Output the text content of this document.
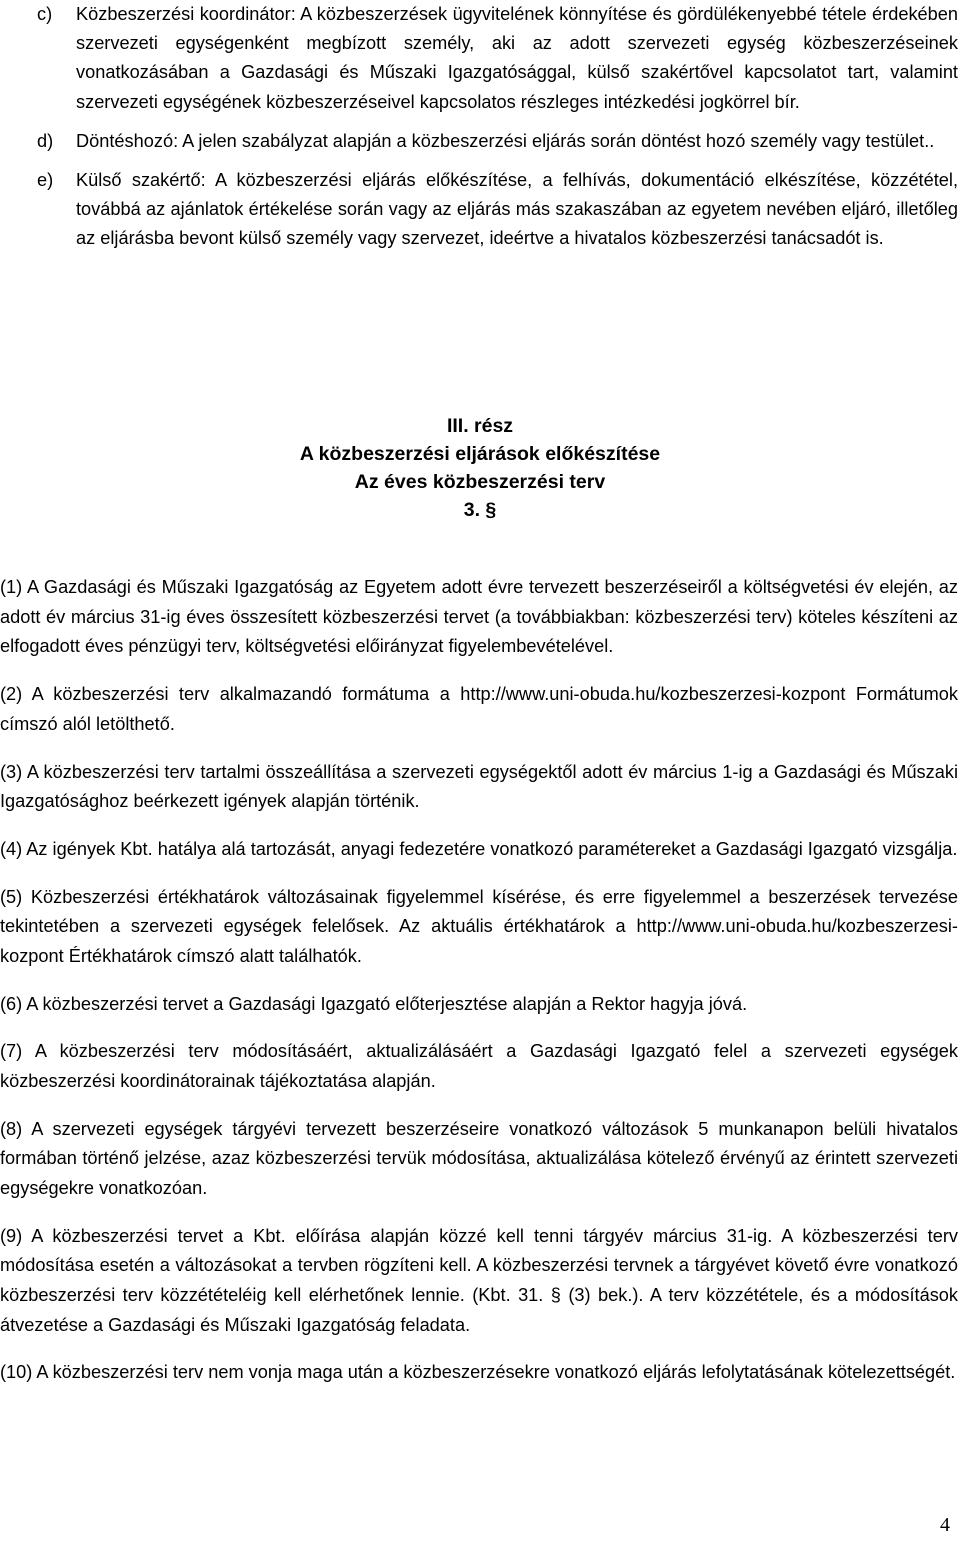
c)	Közbeszerzési koordinátor: A közbeszerzések ügyvitelének könnyítése és gördülékenyebbé tétele érdekében szervezeti egységenként megbízott személy, aki az adott szervezeti egység közbeszerzéseinek vonatkozásában a Gazdasági és Műszaki Igazgatósággal, külső szakértővel kapcsolatot tart, valamint szervezeti egységének közbeszerzéseivel kapcsolatos részleges intézkedési jogkörrel bír.
d)	Döntéshozó: A jelen szabályzat alapján a közbeszerzési eljárás során döntést hozó személy vagy testület..
e)	Külső szakértő: A közbeszerzési eljárás előkészítése, a felhívás, dokumentáció elkészítése, közzététel, továbbá az ajánlatok értékelése során vagy az eljárás más szakaszában az egyetem nevében eljáró, illetőleg az eljárásba bevont külső személy vagy szervezet, ideértve a hivatalos közbeszerzési tanácsadót is.
III. rész
A közbeszerzési eljárások előkészítése
Az éves közbeszerzési terv
3. §

(1) A Gazdasági és Műszaki Igazgatóság az Egyetem adott évre tervezett beszerzéseiről a költségvetési év elején, az adott év március 31-ig éves összesített közbeszerzési tervet (a továbbiakban: közbeszerzési terv) köteles készíteni az elfogadott éves pénzügyi terv, költségvetési előirányzat figyelembevételével.

(2) A közbeszerzési terv alkalmazandó formátuma a http://www.uni-obuda.hu/kozbeszerzesi-kozpont Formátumok címszó alól letölthető.

(3) A közbeszerzési terv tartalmi összeállítása a szervezeti egységektől adott év március 1-ig a Gazdasági és Műszaki Igazgatósághoz beérkezett igények alapján történik.

(4) Az igények Kbt. hatálya alá tartozását, anyagi fedezetére vonatkozó paramétereket a Gazdasági Igazgató vizsgálja.

(5) Közbeszerzési értékhatárok változásainak figyelemmel kísérése, és erre figyelemmel a beszerzések tervezése tekintetében a szervezeti egységek felelősek. Az aktuális értékhatárok a http://www.uni-obuda.hu/kozbeszerzesi-kozpont Értékhatárok címszó alatt találhatók.

(6) A közbeszerzési tervet a Gazdasági Igazgató előterjesztése alapján a Rektor hagyja jóvá.

(7) A közbeszerzési terv módosításáért, aktualizálásáért a Gazdasági Igazgató felel a szervezeti egységek közbeszerzési koordinátorainak tájékoztatása alapján.

(8) A szervezeti egységek tárgyévi tervezett beszerzéseire vonatkozó változások 5 munkanapon belüli hivatalos formában történő jelzése, azaz közbeszerzési tervük módosítása, aktualizálása kötelező érvényű az érintett szervezeti egységekre vonatkozóan.

(9) A közbeszerzési tervet a Kbt. előírása alapján közzé kell tenni tárgyév március 31-ig. A közbeszerzési terv módosítása esetén a változásokat a tervben rögzíteni kell. A közbeszerzési tervnek a tárgyévet követő évre vonatkozó közbeszerzési terv közzétételéig kell elérhetőnek lennie. (Kbt. 31. § (3) bek.). A terv közzététele, és a módosítások átvezetése a Gazdasági és Műszaki Igazgatóság feladata.

(10) A közbeszerzési terv nem vonja maga után a közbeszerzésekre vonatkozó eljárás lefolytatásának kötelezettségét.

4
